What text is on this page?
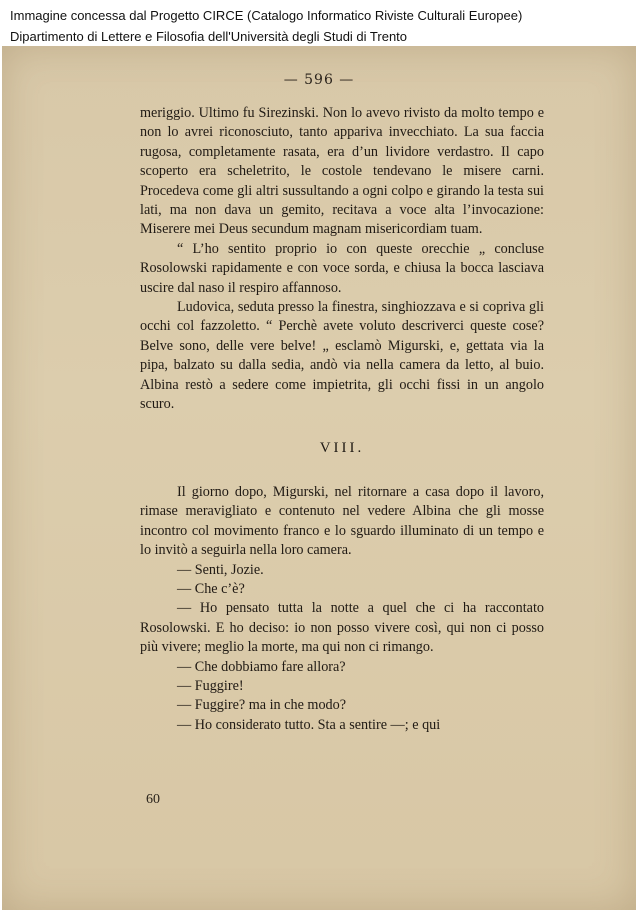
Immagine concessa dal Progetto CIRCE (Catalogo Informatico Riviste Culturali Europee)
Dipartimento di Lettere e Filosofia dell'Università degli Studi di Trento
— 596 —

meriggio. Ultimo fu Sirezinski. Non lo avevo rivisto da molto tempo e non lo avrei riconosciuto, tanto appariva invecchiato. La sua faccia rugosa, completamente rasata, era d’un lividore verdastro. Il capo scoperto era scheletrito, le costole tendevano le misere carni. Procedeva come gli altri sussultando a ogni colpo e girando la testa sui lati, ma non dava un gemito, recitava a voce alta l’invocazione: Miserere mei Deus secundum magnam misericordiam tuam.

“ L’ho sentito proprio io con queste orecchie „ concluse Rosolowski rapidamente e con voce sorda, e chiusa la bocca lasciava uscire dal naso il respiro affannoso.

Ludovica, seduta presso la finestra, singhiozzava e si copriva gli occhi col fazzoletto. “ Perchè avete voluto descriverci queste cose? Belve sono, delle vere belve! „ esclamò Migurski, e, gettata via la pipa, balzato su dalla sedia, andò via nella camera da letto, al buio. Albina restò a sedere come impietrita, gli occhi fissi in un angolo scuro.

VIII.

Il giorno dopo, Migurski, nel ritornare a casa dopo il lavoro, rimase meravigliato e contenuto nel vedere Albina che gli mosse incontro col movimento franco e lo sguardo illuminato di un tempo e lo invitò a seguirla nella loro camera.

— Senti, Jozie.

— Che c’è?

— Ho pensato tutta la notte a quel che ci ha raccontato Rosolowski. E ho deciso: io non posso vivere così, qui non ci posso più vivere; meglio la morte, ma qui non ci rimango.

— Che dobbiamo fare allora?

— Fuggire!

— Fuggire? ma in che modo?

— Ho considerato tutto. Sta a sentire —; e qui

60
